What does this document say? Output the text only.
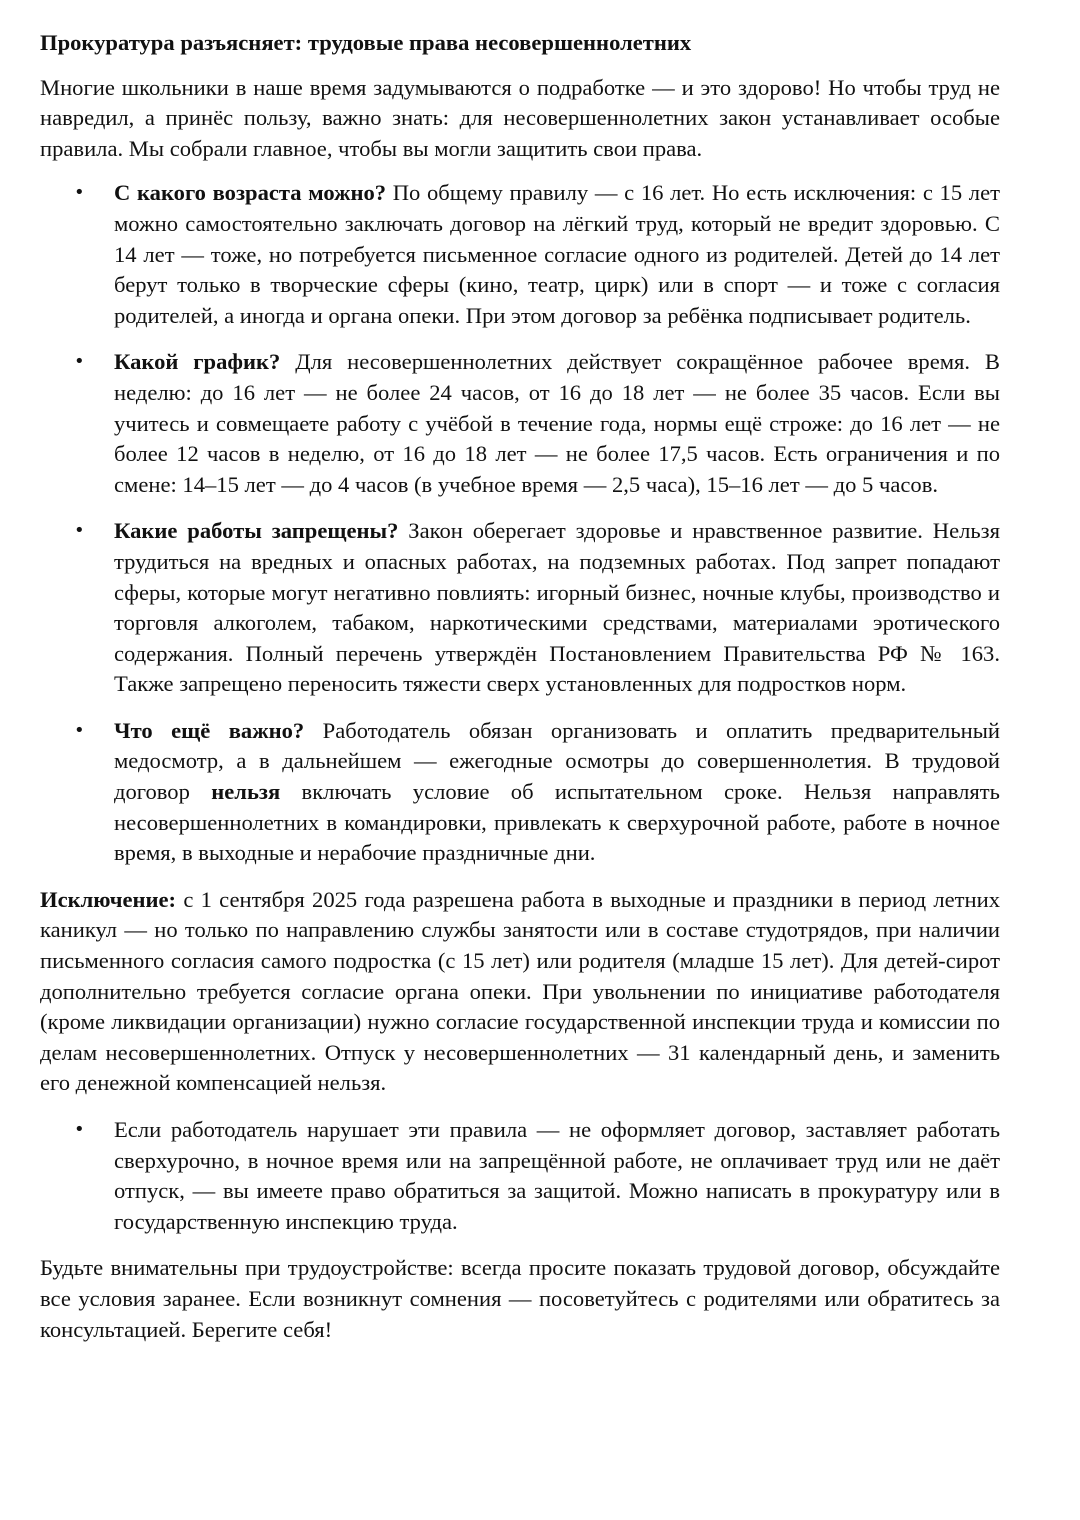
Прокуратура разъясняет: трудовые права несовершеннолетних

Многие школьники в наше время задумываются о подработке — и это здорово! Но чтобы труд не навредил, а принёс пользу, важно знать: для несовершеннолетних закон устанавливает особые правила. Мы собрали главное, чтобы вы могли защитить свои права.

• С какого возраста можно? По общему правилу — с 16 лет. Но есть исключения: с 15 лет можно самостоятельно заключать договор на лёгкий труд, который не вредит здоровью. С 14 лет — тоже, но потребуется письменное согласие одного из родителей. Детей до 14 лет берут только в творческие сферы (кино, театр, цирк) или в спорт — и тоже с согласия родителей, а иногда и органа опеки. При этом договор за ребёнка подписывает родитель.
• Какой график? Для несовершеннолетних действует сокращённое рабочее время. В неделю: до 16 лет — не более 24 часов, от 16 до 18 лет — не более 35 часов. Если вы учитесь и совмещаете работу с учёбой в течение года, нормы ещё строже: до 16 лет — не более 12 часов в неделю, от 16 до 18 лет — не более 17,5 часов. Есть ограничения и по смене: 14–15 лет — до 4 часов (в учебное время — 2,5 часа), 15–16 лет — до 5 часов.
• Какие работы запрещены? Закон оберегает здоровье и нравственное развитие. Нельзя трудиться на вредных и опасных работах, на подземных работах. Под запрет попадают сферы, которые могут негативно повлиять: игорный бизнес, ночные клубы, производство и торговля алкоголем, табаком, наркотическими средствами, материалами эротического содержания. Полный перечень утверждён Постановлением Правительства РФ № 163. Также запрещено переносить тяжести сверх установленных для подростков норм.
• Что ещё важно? Работодатель обязан организовать и оплатить предварительный медосмотр, а в дальнейшем — ежегодные осмотры до совершеннолетия. В трудовой договор нельзя включать условие об испытательном сроке. Нельзя направлять несовершеннолетних в командировки, привлекать к сверхурочной работе, работе в ночное время, в выходные и нерабочие праздничные дни.

Исключение: с 1 сентября 2025 года разрешена работа в выходные и праздники в период летних каникул — но только по направлению службы занятости или в составе студотрядов, при наличии письменного согласия самого подростка (с 15 лет) или родителя (младше 15 лет). Для детей-сирот дополнительно требуется согласие органа опеки. При увольнении по инициативе работодателя (кроме ликвидации организации) нужно согласие государственной инспекции труда и комиссии по делам несовершеннолетних. Отпуск у несовершеннолетних — 31 календарный день, и заменить его денежной компенсацией нельзя.

• Если работодатель нарушает эти правила — не оформляет договор, заставляет работать сверхурочно, в ночное время или на запрещённой работе, не оплачивает труд или не даёт отпуск, — вы имеете право обратиться за защитой. Можно написать в прокуратуру или в государственную инспекцию труда.

Будьте внимательны при трудоустройстве: всегда просите показать трудовой договор, обсуждайте все условия заранее. Если возникнут сомнения — посоветуйтесь с родителями или обратитесь за консультацией. Берегите себя!
